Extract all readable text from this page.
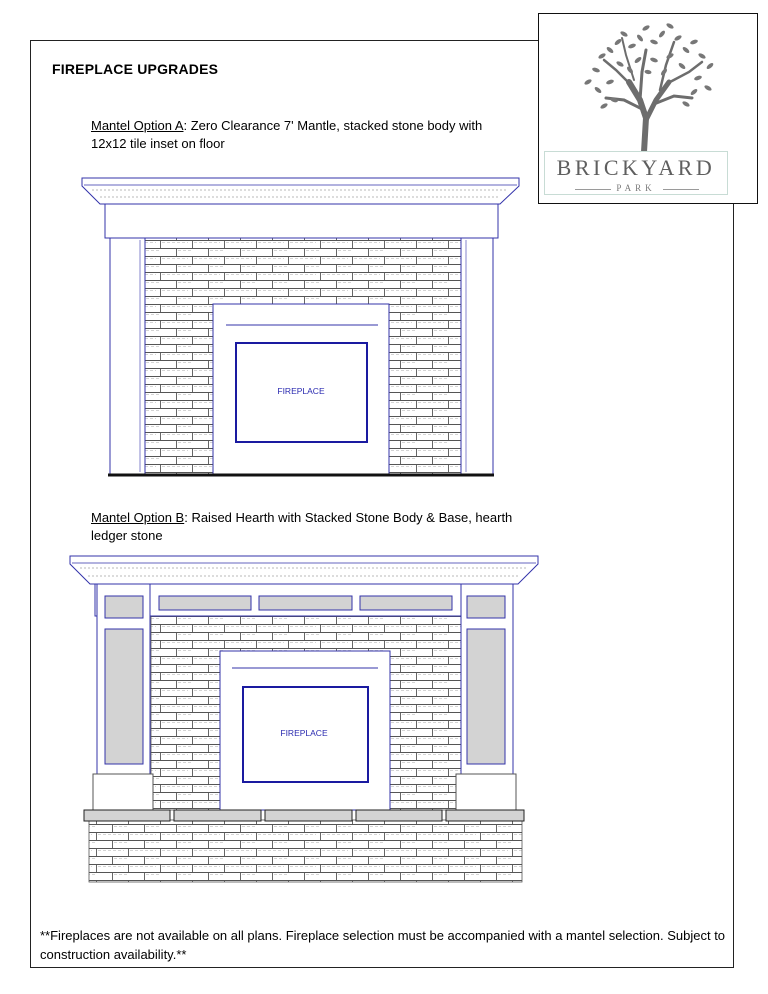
FIREPLACE UPGRADES
BRICKYARD
PARK
Mantel Option A: Zero Clearance 7' Mantle, stacked stone body with 12x12 tile inset on floor
Mantel Option B: Raised Hearth with Stacked Stone Body & Base, hearth ledger stone
FIREPLACE
FIREPLACE
**Fireplaces are not available on all plans. Fireplace selection must be accompanied with a mantel selection. Subject to construction availability.**
